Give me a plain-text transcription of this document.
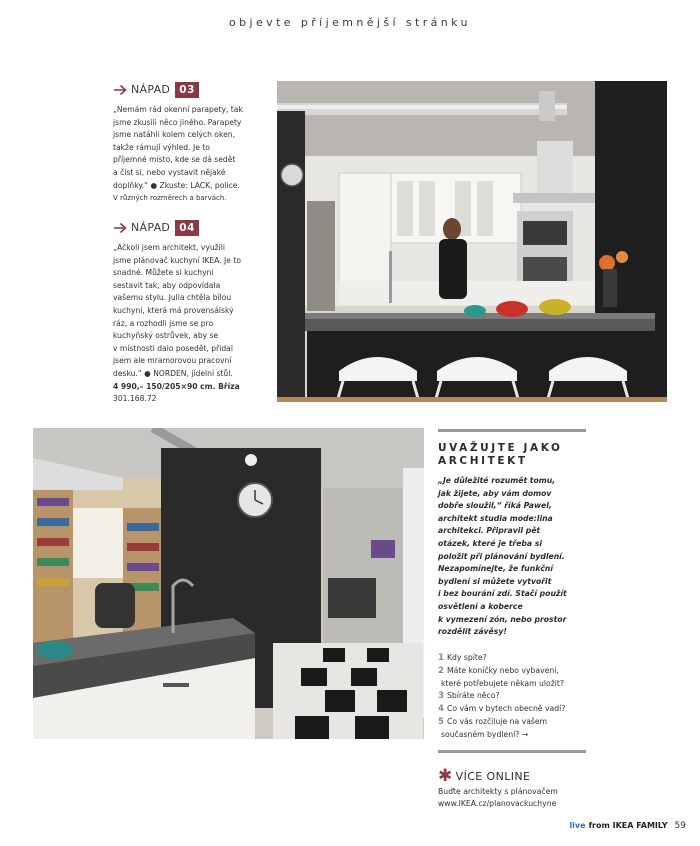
objevte příjemnější stránku
NÁPAD 03
„Nemám rád okenní parapety, tak
jsme zkusili něco jiného. Parapety
jsme natáhli kolem celých oken,
takže rámují výhled. Je to
příjemné místo, kde se dá sedět
a číst si, nebo vystavit nějaké
doplňky.“ ● Zkuste: LACK, police.
V různých rozměrech a barvách.
NÁPAD 04
„Ačkoli jsem architekt, využili
jsme plánovač kuchyní IKEA. Je to
snadné. Můžete si kuchyni
sestavit tak, aby odpovídala
vašemu stylu. Julia chtěla bílou
kuchyni, která má provensálský
ráz, a rozhodli jsme se pro
kuchyňský ostrůvek, aby se
v místnosti dalo posedět, přidal
jsem ale mramorovou pracovní
desku.“ ● NORDEN, jídelní stůl.
4 990,– 150/205×90 cm. Bříza
301.168.72
UVAŽUJTE JAKO
ARCHITEKT
„Je důležité rozumět tomu,
jak žijete, aby vám domov
dobře sloužil,“ říká Pawel,
architekt studia mode:lina
architekci. Připravil pět
otázek, které je třeba si
položit při plánování bydlení.
Nezapomínejte, že funkční
bydlení si můžete vytvořit
i bez bourání zdí. Stačí použít
osvětlení a koberce
k vymezení zón, nebo prostor
rozdělit závěsy!
1 Kdy spíte?
2 Máte koníčky nebo vybavení,
které potřebujete někam uložit?
3 Sbíráte něco?
4 Co vám v bytech obecně vadí?
5 Co vás rozčiluje na vašem
současném bydlení? →
✱ VÍCE ONLINE
Buďte architekty s plánovačem
www.IKEA.cz/planovackuchyne
live from IKEA FAMILY 59
